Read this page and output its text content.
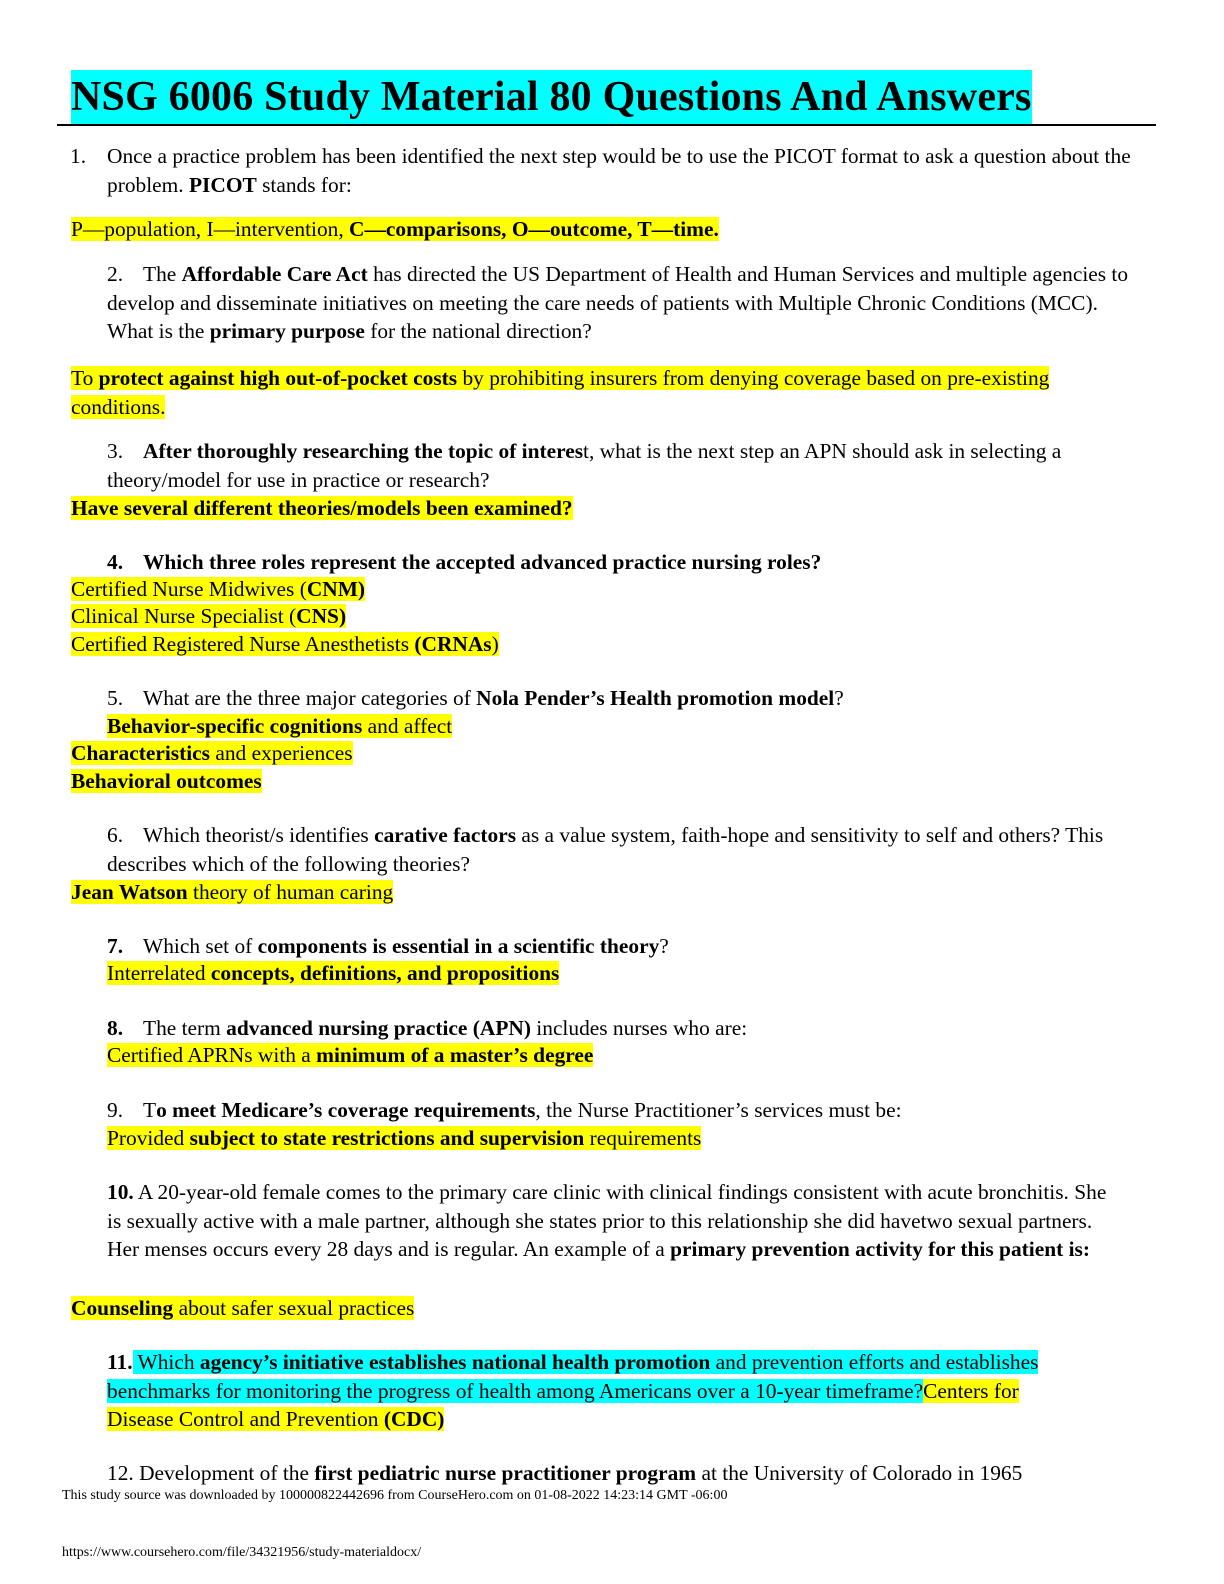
NSG 6006 Study Material 80 Questions And Answers

1. Once a practice problem has been identified the next step would be to use the PICOT format to ask a question about the problem. PICOT stands for:

P—population, I—intervention, C—comparisons, O—outcome, T—time.

2. The Affordable Care Act has directed the US Department of Health and Human Services and multiple agencies to develop and disseminate initiatives on meeting the care needs of patients with Multiple Chronic Conditions (MCC). What is the primary purpose for the national direction?

To protect against high out-of-pocket costs by prohibiting insurers from denying coverage based on pre-existing conditions.

3. After thoroughly researching the topic of interest, what is the next step an APN should ask in selecting a theory/model for use in practice or research?

Have several different theories/models been examined?

4. Which three roles represent the accepted advanced practice nursing roles?

Certified Nurse Midwives (CNM)

Clinical Nurse Specialist (CNS)

Certified Registered Nurse Anesthetists (CRNAs)

5. What are the three major categories of Nola Pender’s Health promotion model?

Behavior-specific cognitions and affect

Characteristics and experiences

Behavioral outcomes

6. Which theorist/s identifies carative factors as a value system, faith-hope and sensitivity to self and others? This describes which of the following theories?

Jean Watson theory of human caring

7. Which set of components is essential in a scientific theory?

Interrelated concepts, definitions, and propositions

8. The term advanced nursing practice (APN) includes nurses who are:

Certified APRNs with a minimum of a master’s degree

9. To meet Medicare’s coverage requirements, the Nurse Practitioner’s services must be:

Provided subject to state restrictions and supervision requirements

10. A 20-year-old female comes to the primary care clinic with clinical findings consistent with acute bronchitis. She is sexually active with a male partner, although she states prior to this relationship she did havetwo sexual partners. Her menses occurs every 28 days and is regular. An example of a primary prevention activity for this patient is:

Counseling about safer sexual practices

11. Which agency’s initiative establishes national health promotion and prevention efforts and establishes benchmarks for monitoring the progress of health among Americans over a 10-year timeframe?Centers for Disease Control and Prevention (CDC)

12. Development of the first pediatric nurse practitioner program at the University of Colorado in 1965

This study source was downloaded by 100000822442696 from CourseHero.com on 01-08-2022 14:23:14 GMT -06:00

https://www.coursehero.com/file/34321956/study-materialdocx/
